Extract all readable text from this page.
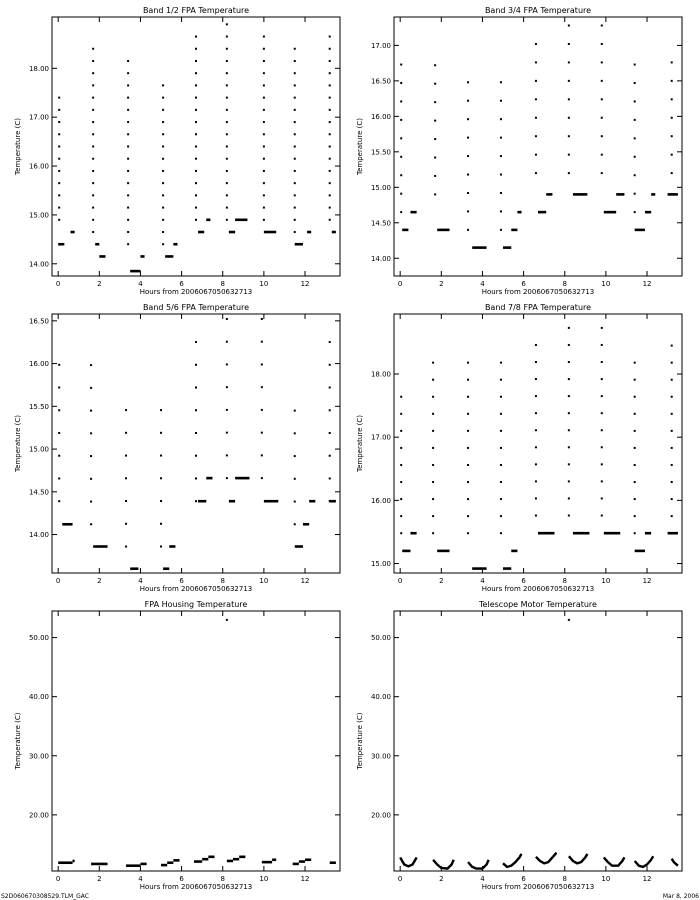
Band 1/2 FPA Temperature
0	2	4	6	8	10	12
14.00
15.00
16.00
17.00
18.00
Hours from 2006067050632713
Temperature (C)
Band 3/4 FPA Temperature
0	2	4	6	8	10	12
14.00
14.50
15.00
15.50
16.00
16.50
17.00
Hours from 2006067050632713
Temperature (C)
Band 5/6 FPA Temperature
0	2	4	6	8	10	12
14.00
14.50
15.00
15.50
16.00
16.50
Hours from 2006067050632713
Temperature (C)
Band 7/8 FPA Temperature
0	2	4	6	8	10	12
15.00
16.00
17.00
18.00
Hours from 2006067050632713
Temperature (C)
FPA Housing Temperature
0	2	4	6	8	10	12
20.00
30.00
40.00
50.00
Hours from 2006067050632713
Temperature (C)
Telescope Motor Temperature
0	2	4	6	8	10	12
20.00
30.00
40.00
50.00
Hours from 2006067050632713
Temperature (C)
S2D060670308529.TLM_GAC	Mar 8, 2006
